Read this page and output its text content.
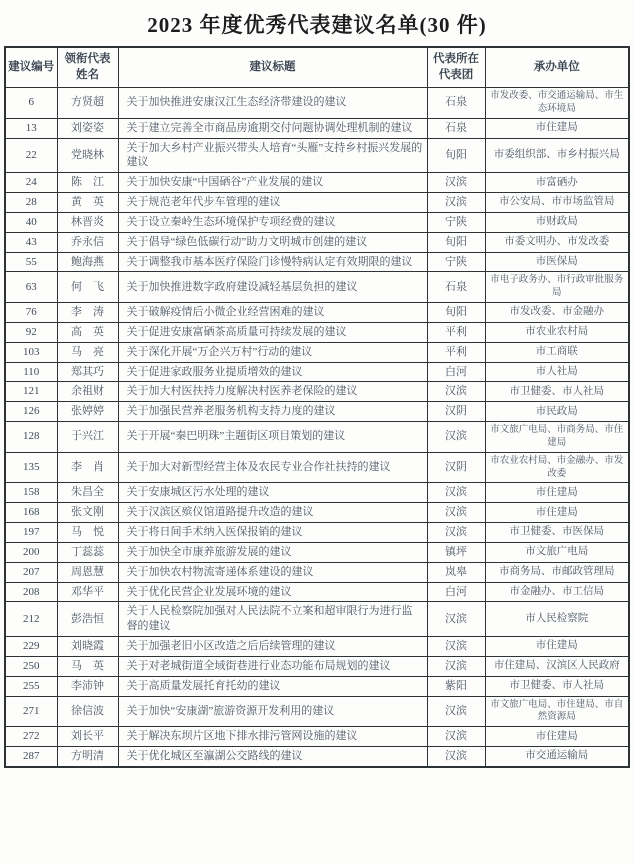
2023 年度优秀代表建议名单(30 件)
建议编号	领衔代表姓名	建议标题	代表所在代表团	承办单位
6	方贤超	关于加快推进安康汉江生态经济带建设的建议	石泉	市发改委、市交通运输局、市生态环境局
13	刘姿姿	关于建立完善全市商品房逾期交付问题协调处理机制的建议	石泉	市住建局
22	党晓林	关于加大乡村产业振兴带头人培育“头雁”支持乡村振兴发展的建议	旬阳	市委组织部、市乡村振兴局
24	陈　江	关于加快安康“中国硒谷”产业发展的建议	汉滨	市富硒办
28	黄　英	关于规范老年代步车管理的建议	汉滨	市公安局、市市场监管局
40	林晋炎	关于设立秦岭生态环境保护专项经费的建议	宁陕	市财政局
43	乔永信	关于倡导“绿色低碳行动”助力文明城市创建的建议	旬阳	市委文明办、市发改委
55	鲍海燕	关于调整我市基本医疗保险门诊慢特病认定有效期限的建议	宁陕	市医保局
63	何　飞	关于加快推进数字政府建设减轻基层负担的建议	石泉	市电子政务办、市行政审批服务局
76	李　涛	关于破解疫情后小微企业经营困难的建议	旬阳	市发改委、市金融办
92	高　英	关于促进安康富硒茶高质量可持续发展的建议	平利	市农业农村局
103	马　亮	关于深化开展“万企兴万村”行动的建议	平利	市工商联
110	郑其巧	关于促进家政服务业提质增效的建议	白河	市人社局
121	余祖财	关于加大村医扶持力度解决村医养老保险的建议	汉滨	市卫健委、市人社局
126	张婷婷	关于加强民营养老服务机构支持力度的建议	汉阴	市民政局
128	于兴江	关于开展“秦巴明珠”主题街区项目策划的建议	汉滨	市文旅广电局、市商务局、市住建局
135	李　肖	关于加大对新型经营主体及农民专业合作社扶持的建议	汉阴	市农业农村局、市金融办、市发改委
158	朱昌全	关于安康城区污水处理的建议	汉滨	市住建局
168	张文刚	关于汉滨区殡仪馆道路提升改造的建议	汉滨	市住建局
197	马　悦	关于将日间手术纳入医保报销的建议	汉滨	市卫健委、市医保局
200	丁蕊蕊	关于加快全市康养旅游发展的建议	镇坪	市文旅广电局
207	周恩慧	关于加快农村物流寄递体系建设的建议	岚皋	市商务局、市邮政管理局
208	邓华平	关于优化民营企业发展环境的建议	白河	市金融办、市工信局
212	彭浩恒	关于人民检察院加强对人民法院不立案和超审限行为进行监督的建议	汉滨	市人民检察院
229	刘晓霞	关于加强老旧小区改造之后后续管理的建议	汉滨	市住建局
250	马　英	关于对老城街道全域街巷进行业态功能布局规划的建议	汉滨	市住建局、汉滨区人民政府
255	李沛钟	关于高质量发展托育托幼的建议	紫阳	市卫健委、市人社局
271	徐信波	关于加快“安康湖”旅游资源开发利用的建议	汉滨	市文旅广电局、市住建局、市自然资源局
272	刘长平	关于解决东坝片区地下排水排污管网设施的建议	汉滨	市住建局
287	方明清	关于优化城区至瀛湖公交路线的建议	汉滨	市交通运输局
